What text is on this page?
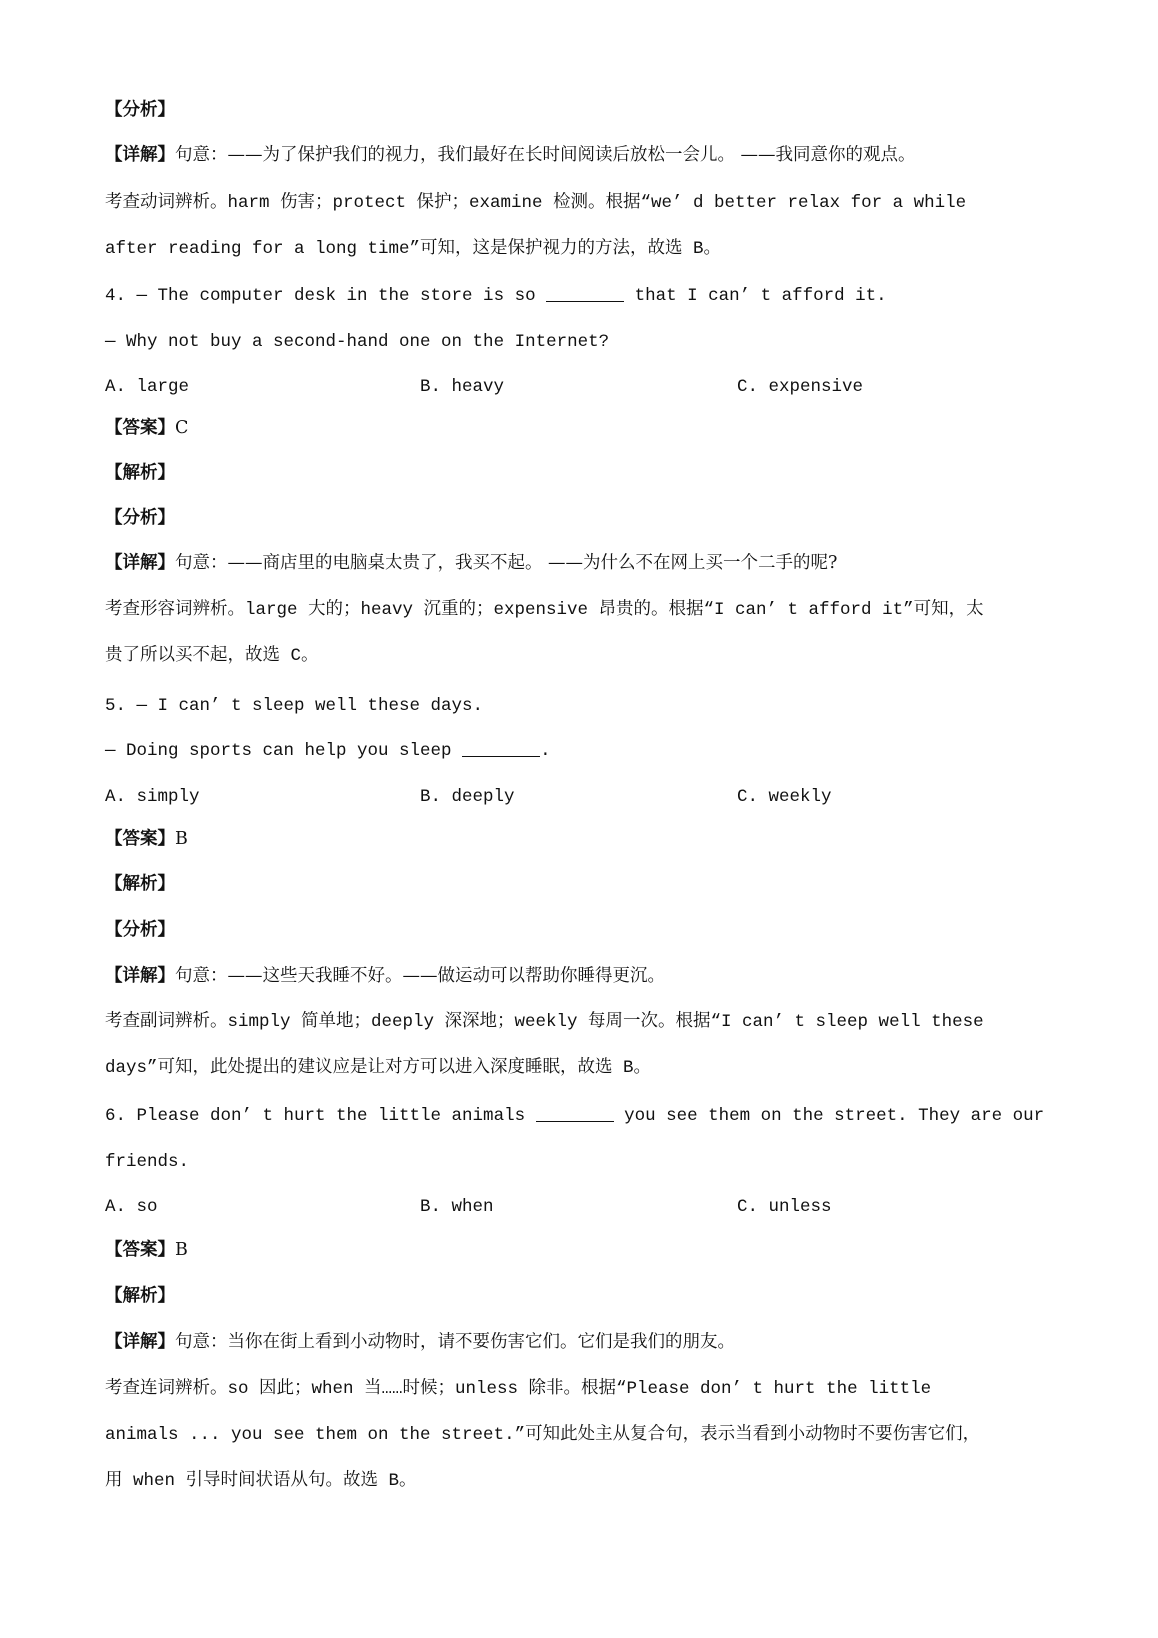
【分析】
【详解】句意：——为了保护我们的视力，我们最好在长时间阅读后放松一会儿。 ——我同意你的观点。
考查动词辨析。harm 伤害；protect 保护；examine 检测。根据“we’ d better relax for a while
after reading for a long time”可知，这是保护视力的方法，故选 B。
4. — The computer desk in the store is so	that I can’ t afford it.
— Why not buy a second-hand one on the Internet?
A. large	B. heavy	C. expensive
【答案】C
【解析】
【分析】
【详解】句意：——商店里的电脑桌太贵了，我买不起。 ——为什么不在网上买一个二手的呢?
考查形容词辨析。large 大的；heavy 沉重的；expensive 昂贵的。根据“I can’ t afford it”可知，太
贵了所以买不起，故选 C。
5. — I can’ t sleep well these days.
— Doing sports can help you sleep	.
A. simply	B. deeply	C. weekly
【答案】B
【解析】
【分析】
【详解】句意：——这些天我睡不好。——做运动可以帮助你睡得更沉。
考查副词辨析。simply 简单地；deeply 深深地；weekly 每周一次。根据“I can’ t sleep well these
days”可知，此处提出的建议应是让对方可以进入深度睡眠，故选 B。
6. Please don’ t hurt the little animals	you see them on the street. They are our
friends.
A. so	B. when	C. unless
【答案】B
【解析】
【详解】句意：当你在街上看到小动物时，请不要伤害它们。它们是我们的朋友。
考查连词辨析。so 因此；when 当……时候；unless 除非。根据“Please don’ t hurt the little
animals ... you see them on the street.”可知此处主从复合句，表示当看到小动物时不要伤害它们，
用 when 引导时间状语从句。故选 B。
